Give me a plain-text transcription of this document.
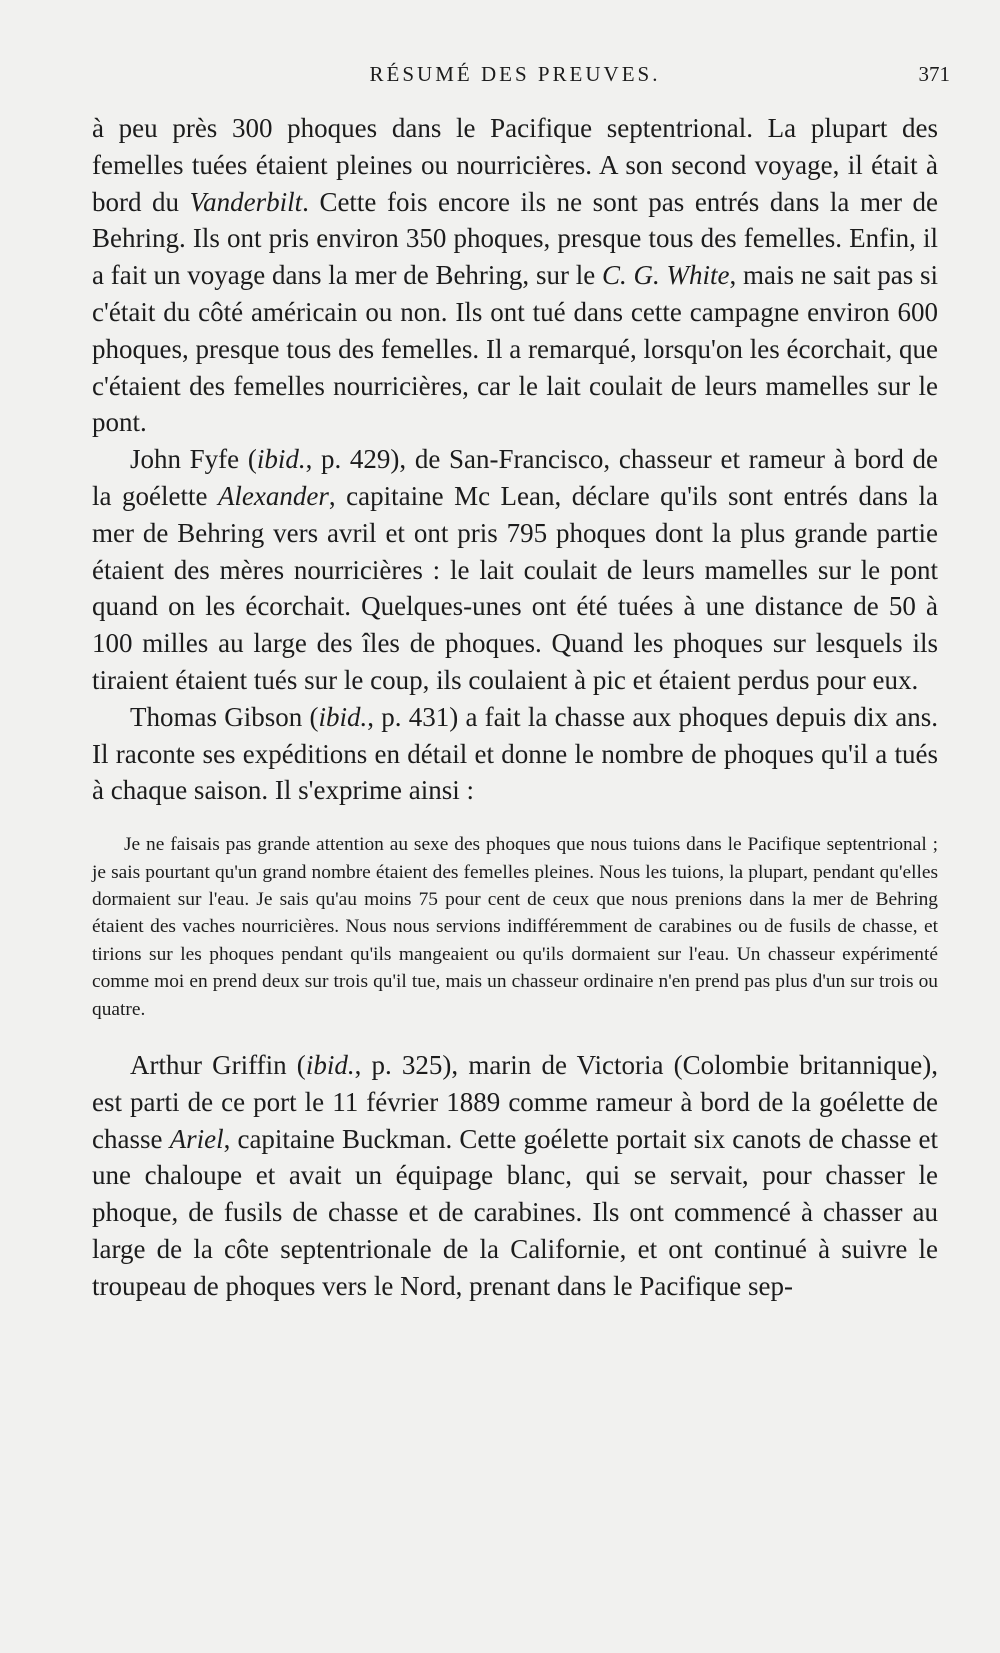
RÉSUMÉ DES PREUVES.	371

à peu près 300 phoques dans le Pacifique septentrional. La plupart des femelles tuées étaient pleines ou nourricières. A son second voyage, il était à bord du Vanderbilt. Cette fois encore ils ne sont pas entrés dans la mer de Behring. Ils ont pris environ 350 phoques, presque tous des femelles. Enfin, il a fait un voyage dans la mer de Behring, sur le C. G. White, mais ne sait pas si c'était du côté américain ou non. Ils ont tué dans cette campagne environ 600 phoques, presque tous des femelles. Il a remarqué, lorsqu'on les écorchait, que c'étaient des femelles nourricières, car le lait coulait de leurs mamelles sur le pont.

John Fyfe (ibid., p. 429), de San-Francisco, chasseur et rameur à bord de la goélette Alexander, capitaine Mc Lean, déclare qu'ils sont entrés dans la mer de Behring vers avril et ont pris 795 phoques dont la plus grande partie étaient des mères nourricières : le lait coulait de leurs mamelles sur le pont quand on les écorchait. Quelques-unes ont été tuées à une distance de 50 à 100 milles au large des îles de phoques. Quand les phoques sur lesquels ils tiraient étaient tués sur le coup, ils coulaient à pic et étaient perdus pour eux.

Thomas Gibson (ibid., p. 431) a fait la chasse aux phoques depuis dix ans. Il raconte ses expéditions en détail et donne le nombre de phoques qu'il a tués à chaque saison. Il s'exprime ainsi :

Je ne faisais pas grande attention au sexe des phoques que nous tuions dans le Pacifique septentrional ; je sais pourtant qu'un grand nombre étaient des femelles pleines. Nous les tuions, la plupart, pendant qu'elles dormaient sur l'eau. Je sais qu'au moins 75 pour cent de ceux que nous prenions dans la mer de Behring étaient des vaches nourricières. Nous nous servions indifféremment de carabines ou de fusils de chasse, et tirions sur les phoques pendant qu'ils mangeaient ou qu'ils dormaient sur l'eau. Un chasseur expérimenté comme moi en prend deux sur trois qu'il tue, mais un chasseur ordinaire n'en prend pas plus d'un sur trois ou quatre.

Arthur Griffin (ibid., p. 325), marin de Victoria (Colombie britannique), est parti de ce port le 11 février 1889 comme rameur à bord de la goélette de chasse Ariel, capitaine Buckman. Cette goélette portait six canots de chasse et une chaloupe et avait un équipage blanc, qui se servait, pour chasser le phoque, de fusils de chasse et de carabines. Ils ont commencé à chasser au large de la côte septentrionale de la Californie, et ont continué à suivre le troupeau de phoques vers le Nord, prenant dans le Pacifique sep-
